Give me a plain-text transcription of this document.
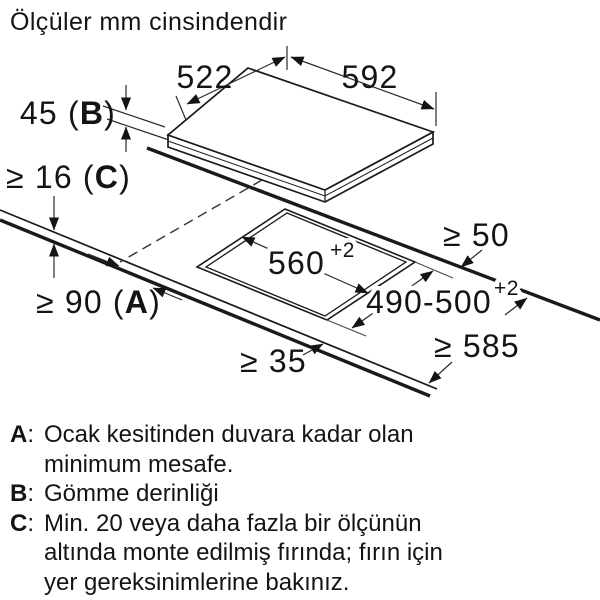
Ölçüler mm cinsindendir
522	592
45 (B)
≥ 16 (C)
≥ 90 (A)
560 +2
490-500 +2
≥ 50
≥ 35	≥ 585
A: Ocak kesitinden duvara kadar olan
minimum mesafe.
B: Gömme derinliği
C: Min. 20 veya daha fazla bir ölçünün
altında monte edilmiş fırında; fırın için
yer gereksinimlerine bakınız.
